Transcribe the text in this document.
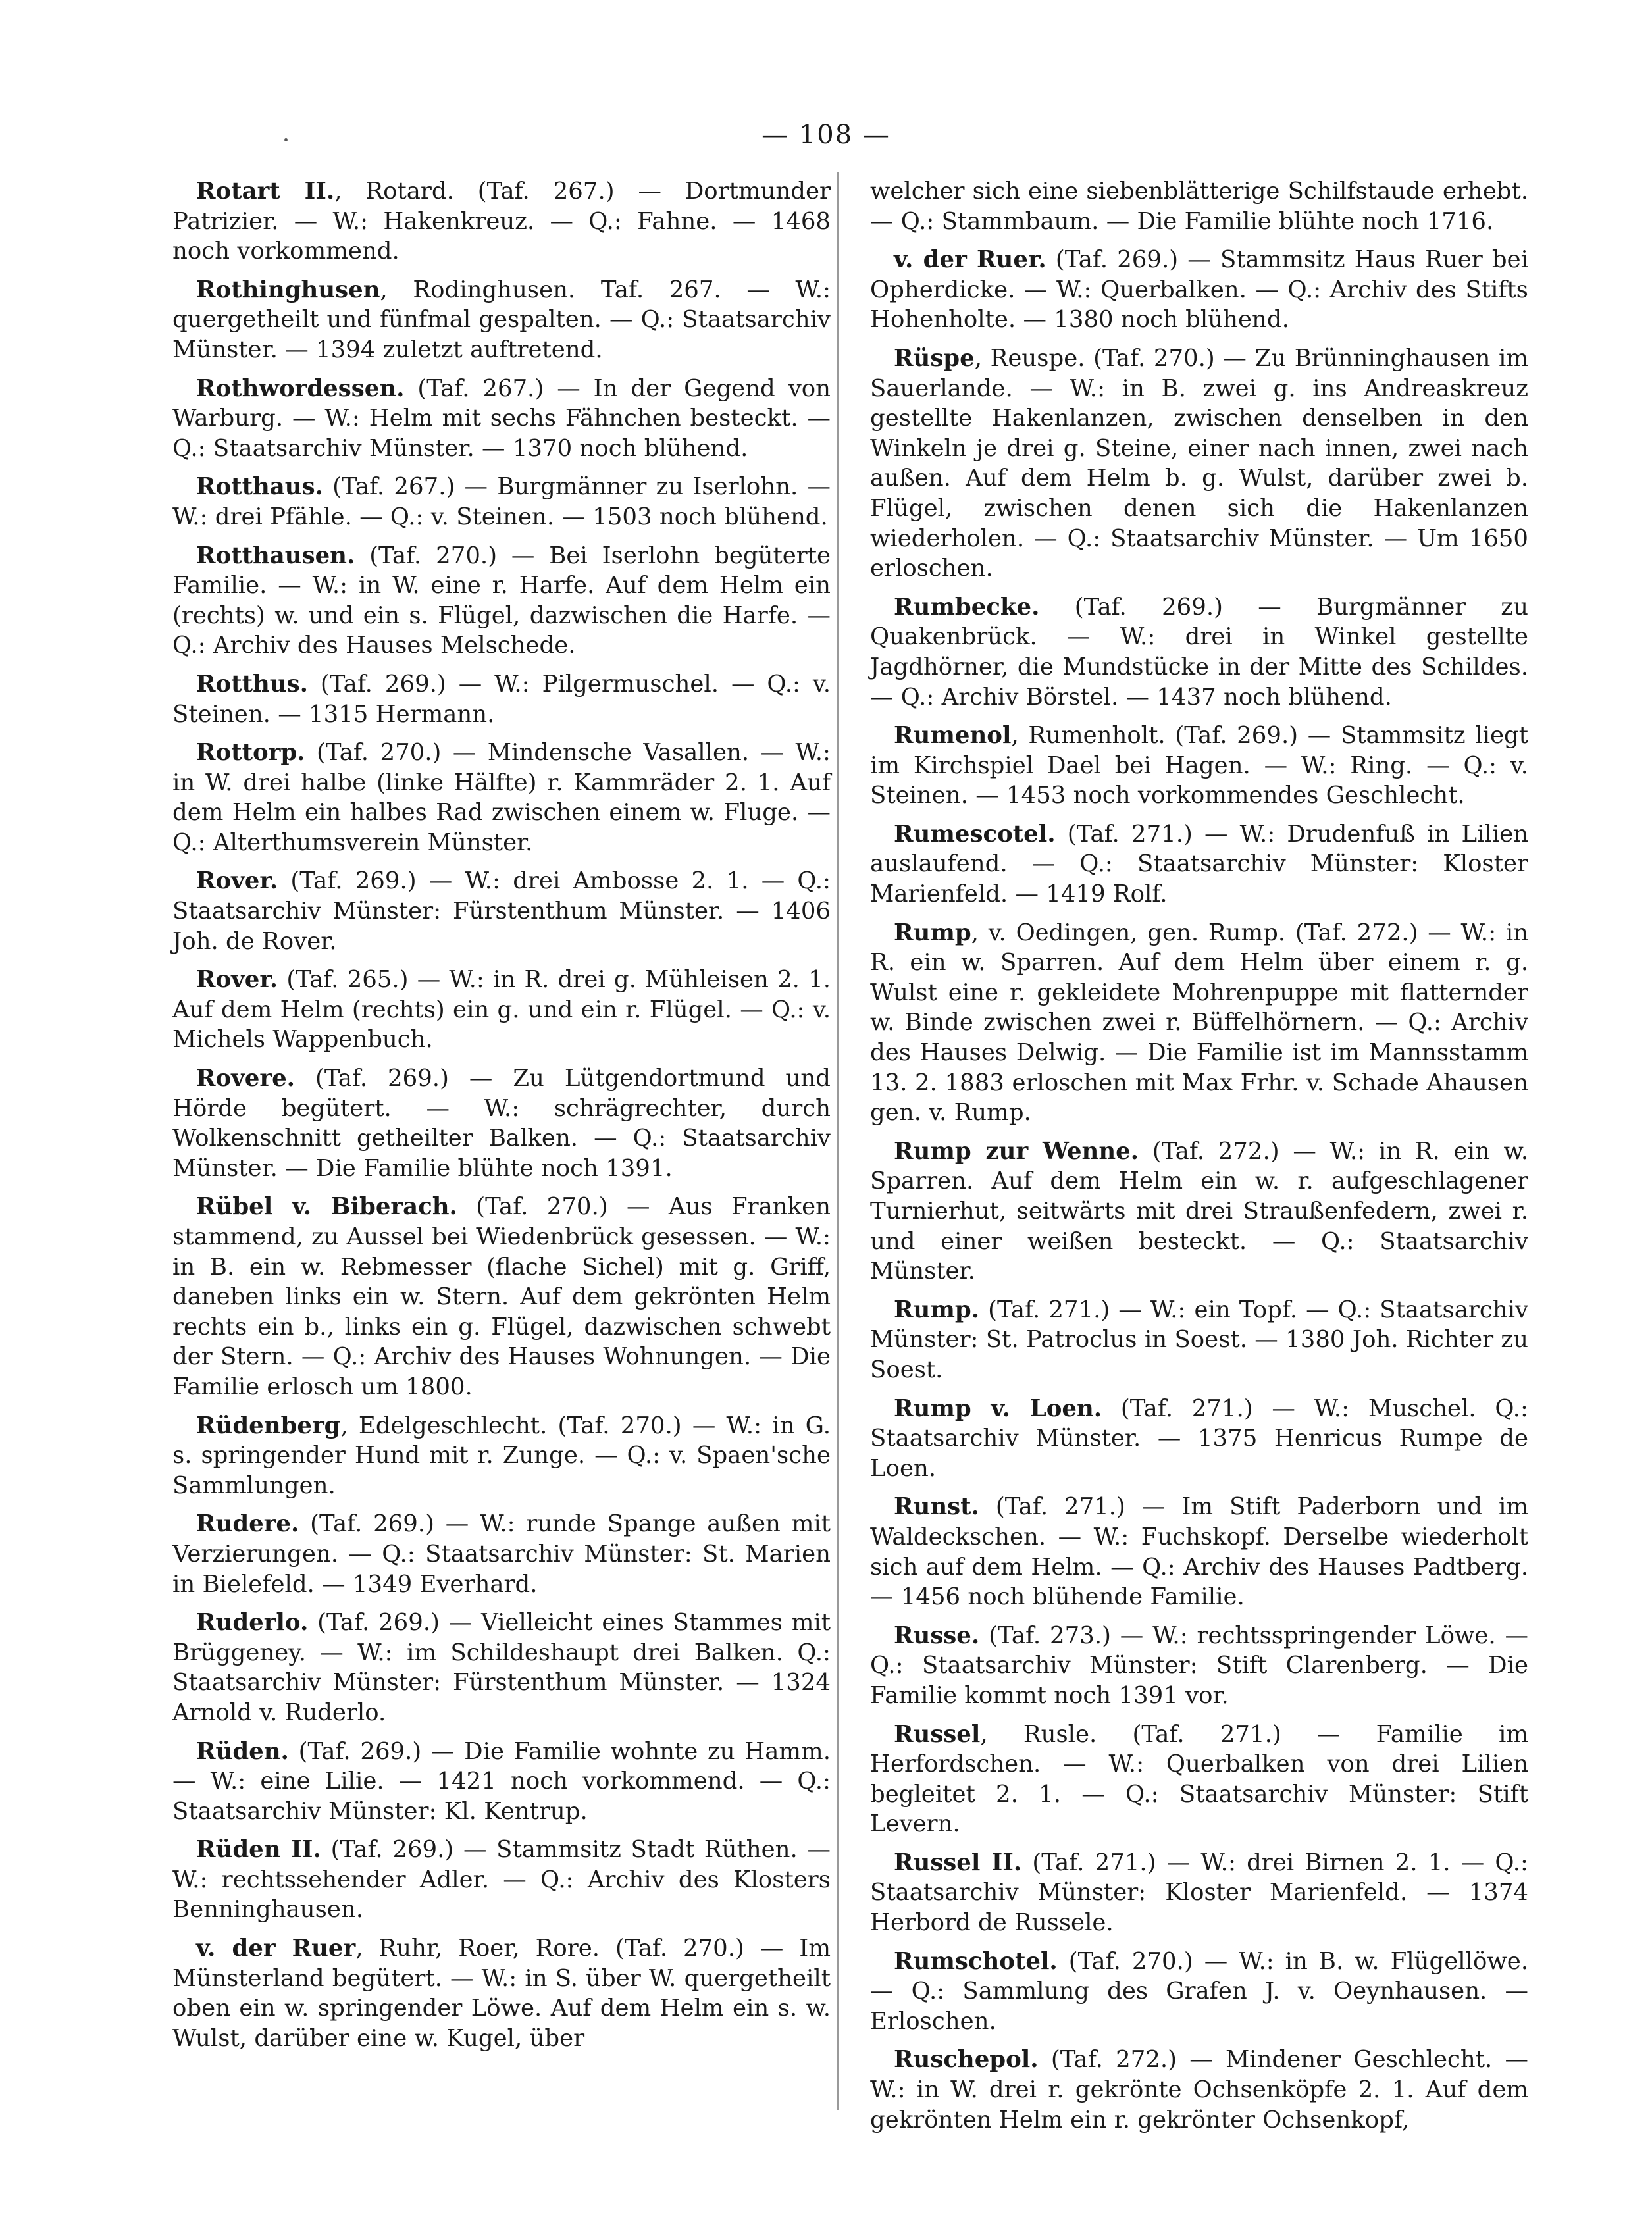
— 108 —

Rotart II., Rotard. (Taf. 267.) — Dortmunder Patrizier. — W.: Hakenkreuz. — Q.: Fahne. — 1468 noch vorkommend.

Rothinghusen, Rodinghusen. Taf. 267. — W.: quergetheilt und fünfmal gespalten. — Q.: Staatsarchiv Münster. — 1394 zuletzt auftretend.

Rothwordessen. (Taf. 267.) — In der Gegend von Warburg. — W.: Helm mit sechs Fähnchen besteckt. — Q.: Staatsarchiv Münster. — 1370 noch blühend.

Rotthaus. (Taf. 267.) — Burgmänner zu Iserlohn. — W.: drei Pfähle. — Q.: v. Steinen. — 1503 noch blühend.

Rotthausen. (Taf. 270.) — Bei Iserlohn begüterte Familie. — W.: in W. eine r. Harfe. Auf dem Helm ein (rechts) w. und ein s. Flügel, dazwischen die Harfe. — Q.: Archiv des Hauses Melschede.

Rotthus. (Taf. 269.) — W.: Pilgermuschel. — Q.: v. Steinen. — 1315 Hermann.

Rottorp. (Taf. 270.) — Mindensche Vasallen. — W.: in W. drei halbe (linke Hälfte) r. Kammräder 2. 1. Auf dem Helm ein halbes Rad zwischen einem w. Fluge. — Q.: Alterthumsverein Münster.

Rover. (Taf. 269.) — W.: drei Ambosse 2. 1. — Q.: Staatsarchiv Münster: Fürstenthum Münster. — 1406 Joh. de Rover.

Rover. (Taf. 265.) — W.: in R. drei g. Mühleisen 2. 1. Auf dem Helm (rechts) ein g. und ein r. Flügel. — Q.: v. Michels Wappenbuch.

Rovere. (Taf. 269.) — Zu Lütgendortmund und Hörde begütert. — W.: schrägrechter, durch Wolkenschnitt getheilter Balken. — Q.: Staatsarchiv Münster. — Die Familie blühte noch 1391.

Rübel v. Biberach. (Taf. 270.) — Aus Franken stammend, zu Aussel bei Wiedenbrück gesessen. — W.: in B. ein w. Rebmesser (flache Sichel) mit g. Griff, daneben links ein w. Stern. Auf dem gekrönten Helm rechts ein b., links ein g. Flügel, dazwischen schwebt der Stern. — Q.: Archiv des Hauses Wohnungen. — Die Familie erlosch um 1800.

Rüdenberg, Edelgeschlecht. (Taf. 270.) — W.: in G. s. springender Hund mit r. Zunge. — Q.: v. Spaen'sche Sammlungen.

Rudere. (Taf. 269.) — W.: runde Spange außen mit Verzierungen. — Q.: Staatsarchiv Münster: St. Marien in Bielefeld. — 1349 Everhard.

Ruderlo. (Taf. 269.) — Vielleicht eines Stammes mit Brüggeney. — W.: im Schildeshaupt drei Balken. Q.: Staatsarchiv Münster: Fürstenthum Münster. — 1324 Arnold v. Ruderlo.

Rüden. (Taf. 269.) — Die Familie wohnte zu Hamm. — W.: eine Lilie. — 1421 noch vorkommend. — Q.: Staatsarchiv Münster: Kl. Kentrup.

Rüden II. (Taf. 269.) — Stammsitz Stadt Rüthen. — W.: rechtssehender Adler. — Q.: Archiv des Klosters Benninghausen.

v. der Ruer, Ruhr, Roer, Rore. (Taf. 270.) — Im Münsterland begütert. — W.: in S. über W. quergetheilt oben ein w. springender Löwe. Auf dem Helm ein s. w. Wulst, darüber eine w. Kugel, über

welcher sich eine siebenblätterige Schilfstaude erhebt. — Q.: Stammbaum. — Die Familie blühte noch 1716.

v. der Ruer. (Taf. 269.) — Stammsitz Haus Ruer bei Opherdicke. — W.: Querbalken. — Q.: Archiv des Stifts Hohenholte. — 1380 noch blühend.

Rüspe, Reuspe. (Taf. 270.) — Zu Brünninghausen im Sauerlande. — W.: in B. zwei g. ins Andreaskreuz gestellte Hakenlanzen, zwischen denselben in den Winkeln je drei g. Steine, einer nach innen, zwei nach außen. Auf dem Helm b. g. Wulst, darüber zwei b. Flügel, zwischen denen sich die Hakenlanzen wiederholen. — Q.: Staatsarchiv Münster. — Um 1650 erloschen.

Rumbecke. (Taf. 269.) — Burgmänner zu Quakenbrück. — W.: drei in Winkel gestellte Jagdhörner, die Mundstücke in der Mitte des Schildes. — Q.: Archiv Börstel. — 1437 noch blühend.

Rumenol, Rumenholt. (Taf. 269.) — Stammsitz liegt im Kirchspiel Dael bei Hagen. — W.: Ring. — Q.: v. Steinen. — 1453 noch vorkommendes Geschlecht.

Rumescotel. (Taf. 271.) — W.: Drudenfuß in Lilien auslaufend. — Q.: Staatsarchiv Münster: Kloster Marienfeld. — 1419 Rolf.

Rump, v. Oedingen, gen. Rump. (Taf. 272.) — W.: in R. ein w. Sparren. Auf dem Helm über einem r. g. Wulst eine r. gekleidete Mohrenpuppe mit flatternder w. Binde zwischen zwei r. Büffelhörnern. — Q.: Archiv des Hauses Delwig. — Die Familie ist im Mannsstamm 13. 2. 1883 erloschen mit Max Frhr. v. Schade Ahausen gen. v. Rump.

Rump zur Wenne. (Taf. 272.) — W.: in R. ein w. Sparren. Auf dem Helm ein w. r. aufgeschlagener Turnierhut, seitwärts mit drei Straußenfedern, zwei r. und einer weißen besteckt. — Q.: Staatsarchiv Münster.

Rump. (Taf. 271.) — W.: ein Topf. — Q.: Staatsarchiv Münster: St. Patroclus in Soest. — 1380 Joh. Richter zu Soest.

Rump v. Loen. (Taf. 271.) — W.: Muschel. Q.: Staatsarchiv Münster. — 1375 Henricus Rumpe de Loen.

Runst. (Taf. 271.) — Im Stift Paderborn und im Waldeckschen. — W.: Fuchskopf. Derselbe wiederholt sich auf dem Helm. — Q.: Archiv des Hauses Padtberg. — 1456 noch blühende Familie.

Russe. (Taf. 273.) — W.: rechtsspringender Löwe. — Q.: Staatsarchiv Münster: Stift Clarenberg. — Die Familie kommt noch 1391 vor.

Russel, Rusle. (Taf. 271.) — Familie im Herfordschen. — W.: Querbalken von drei Lilien begleitet 2. 1. — Q.: Staatsarchiv Münster: Stift Levern.

Russel II. (Taf. 271.) — W.: drei Birnen 2. 1. — Q.: Staatsarchiv Münster: Kloster Marienfeld. — 1374 Herbord de Russele.

Rumschotel. (Taf. 270.) — W.: in B. w. Flügellöwe. — Q.: Sammlung des Grafen J. v. Oeynhausen. — Erloschen.

Ruschepol. (Taf. 272.) — Mindener Geschlecht. — W.: in W. drei r. gekrönte Ochsenköpfe 2. 1. Auf dem gekrönten Helm ein r. gekrönter Ochsenkopf,
